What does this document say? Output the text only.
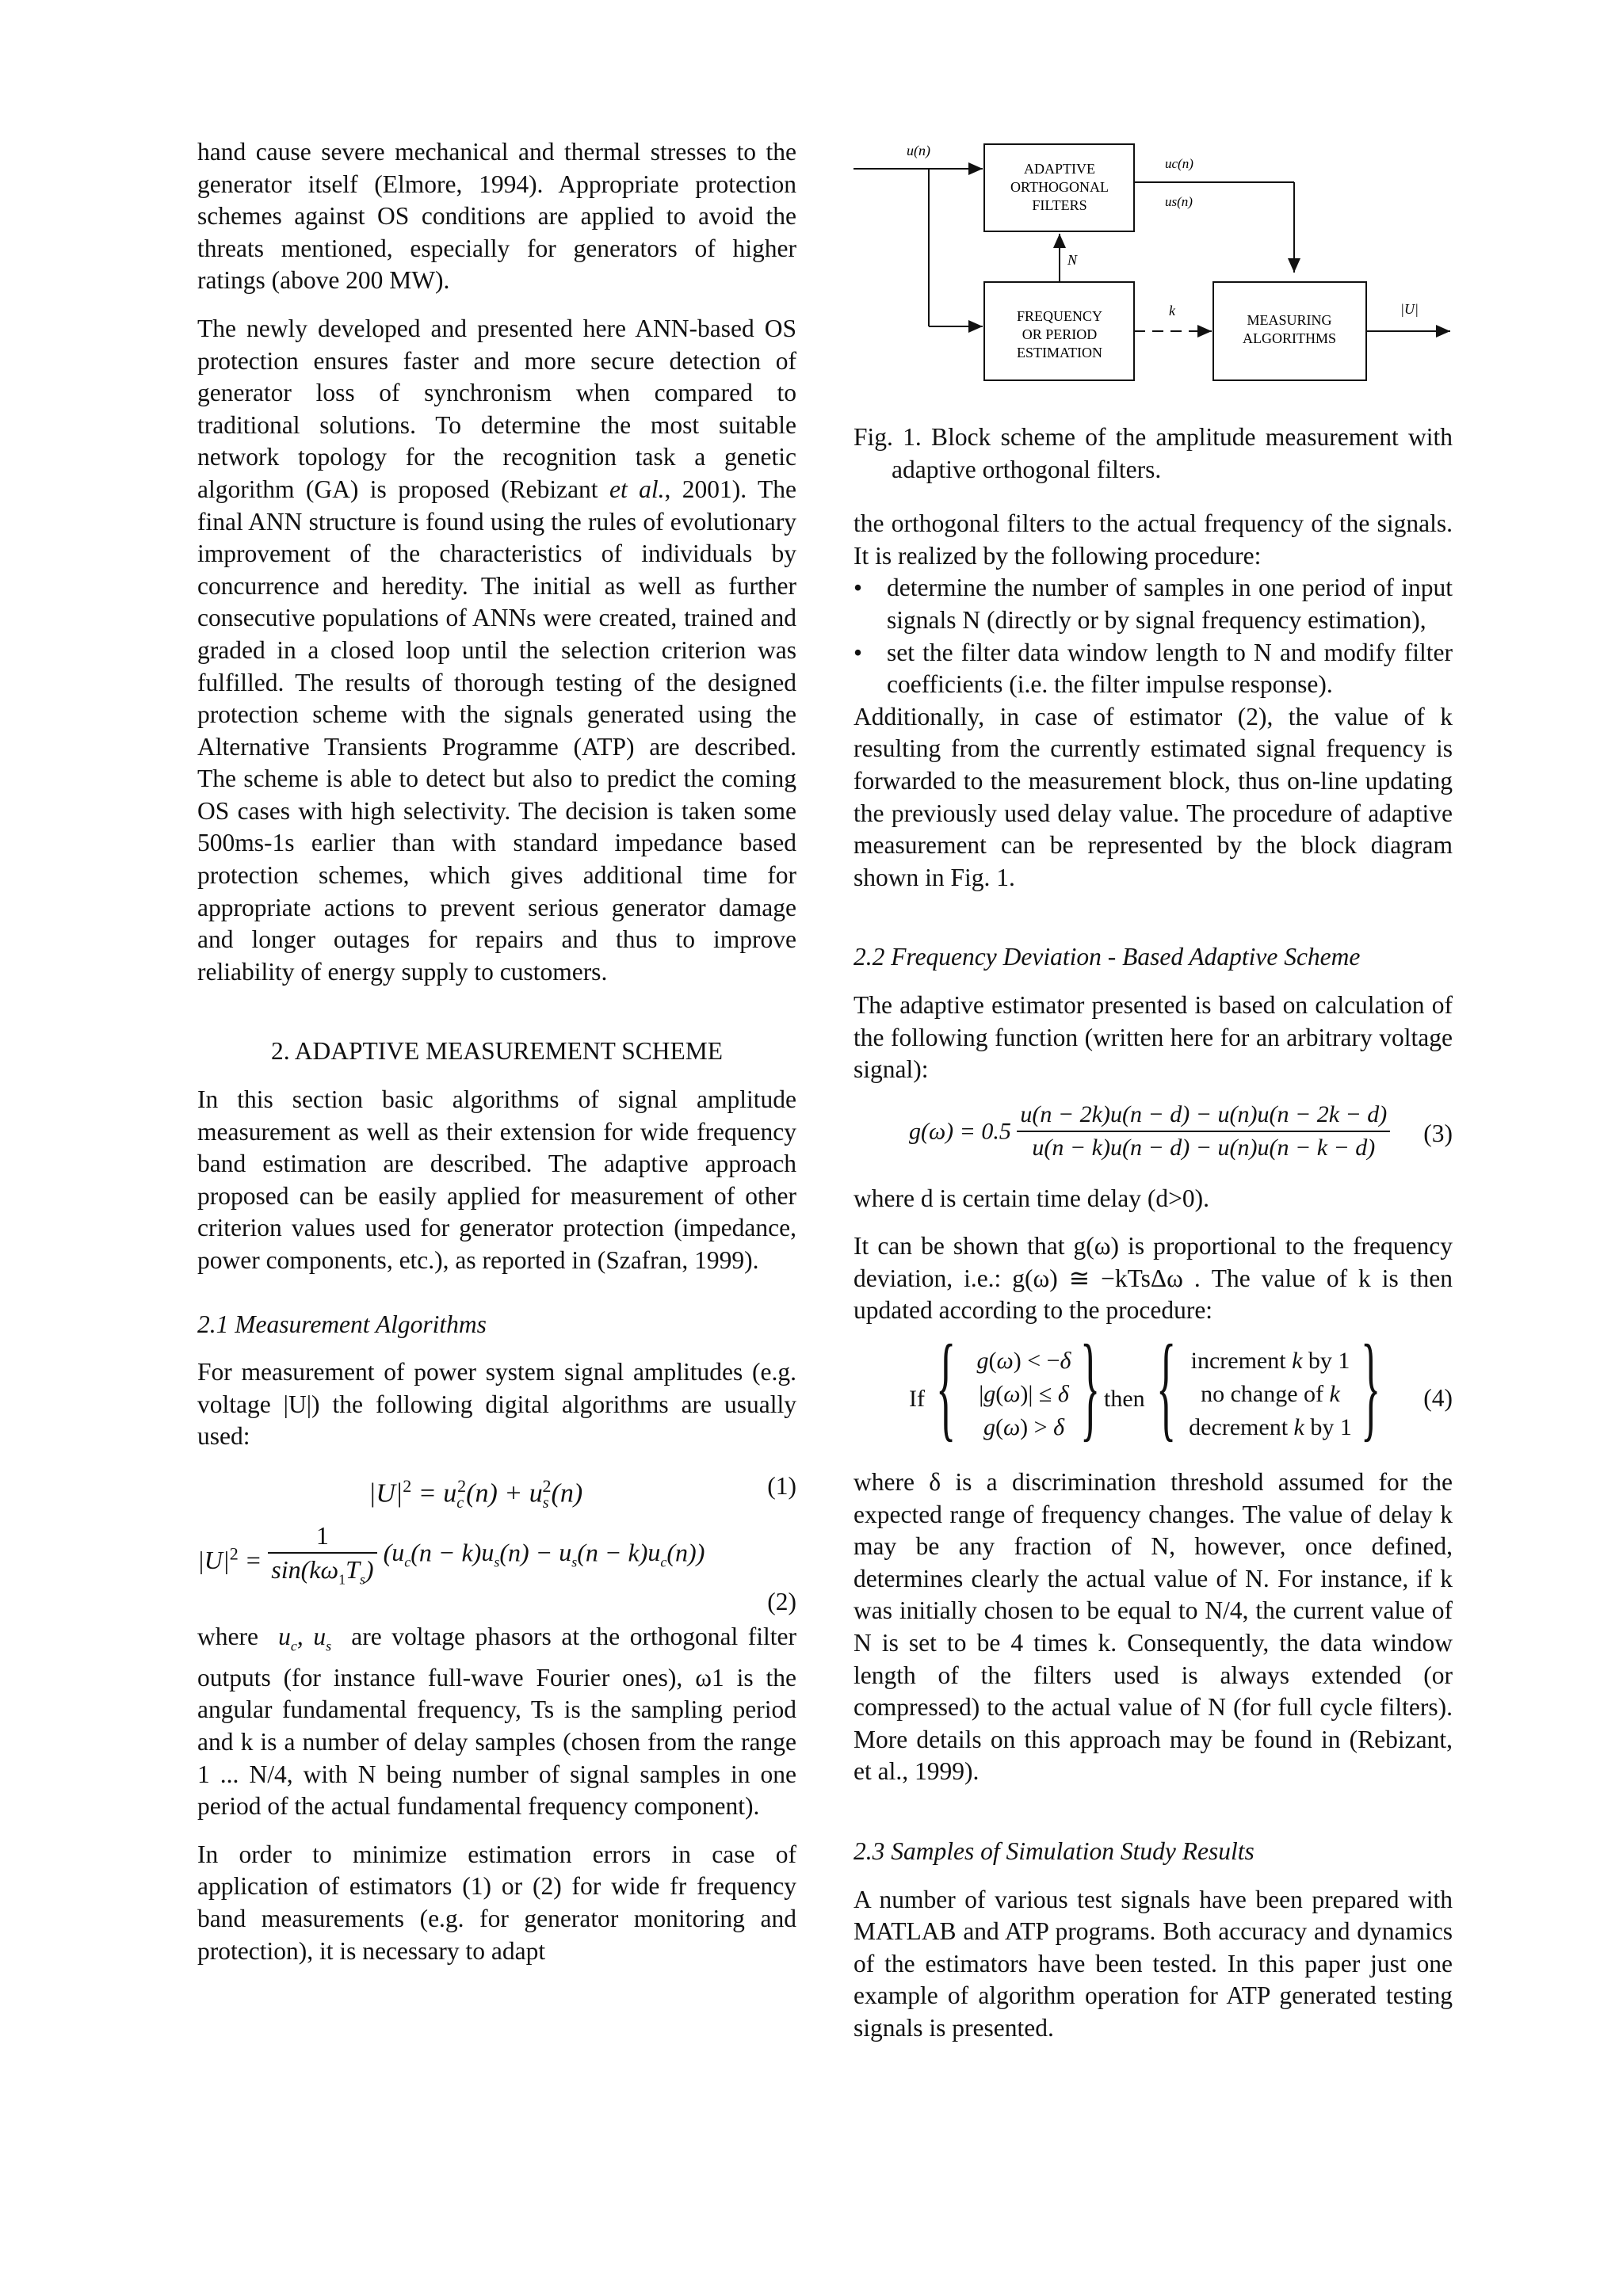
hand cause severe mechanical and thermal stresses to the generator itself (Elmore, 1994). Appropriate protection schemes against OS conditions are applied to avoid the threats mentioned, especially for generators of higher ratings (above 200 MW).

The newly developed and presented here ANN-based OS protection ensures faster and more secure detection of generator loss of synchronism when compared to traditional solutions. To determine the most suitable network topology for the recognition task a genetic algorithm (GA) is proposed (Rebizant et al., 2001). The final ANN structure is found using the rules of evolutionary improvement of the characteristics of individuals by concurrence and heredity. The initial as well as further consecutive populations of ANNs were created, trained and graded in a closed loop until the selection criterion was fulfilled. The results of thorough testing of the designed protection scheme with the signals generated using the Alternative Transients Programme (ATP) are described. The scheme is able to detect but also to predict the coming OS cases with high selectivity. The decision is taken some 500ms-1s earlier than with standard impedance based protection schemes, which gives additional time for appropriate actions to prevent serious generator damage and longer outages for repairs and thus to improve reliability of energy supply to customers.

2. ADAPTIVE MEASUREMENT SCHEME

In this section basic algorithms of signal amplitude measurement as well as their extension for wide frequency band estimation are described. The adaptive approach proposed can be easily applied for measurement of other criterion values used for generator protection (impedance, power components, etc.), as reported in (Szafran, 1999).

2.1 Measurement Algorithms

For measurement of power system signal amplitudes (e.g. voltage |U|) the following digital algorithms are usually used:

$|U|^2 = u_c^2(n) + u_s^2(n)$	(1)
$|U|^2 = \frac{1}{\sin(k\omega_1T_s)} (u_c(n - k)u_s(n) - u_s(n - k)u_c(n))$
(2)

where $u_c$, $u_s$ are voltage phasors at the orthogonal filter outputs (for instance full-wave Fourier ones), ω1 is the angular fundamental frequency, Ts is the sampling period and k is a number of delay samples (chosen from the range 1 ... N/4, with N being number of signal samples in one period of the actual fundamental frequency component).

In order to minimize estimation errors in case of application of estimators (1) or (2) for wide fr frequency band measurements (e.g. for generator monitoring and protection), it is necessary to adapt

u(n)
ADAPTIVE
ORTHOGONAL
FILTERS
uc(n)
us(n)
N
FREQUENCY
OR PERIOD
ESTIMATION
k
MEASURING
ALGORITHMS
|U|

Fig. 1. Block scheme of the amplitude measurement with adaptive orthogonal filters.

the orthogonal filters to the actual frequency of the signals. It is realized by the following procedure:

• determine the number of samples in one period of input signals N (directly or by signal frequency estimation),

• set the filter data window length to N and modify filter coefficients (i.e. the filter impulse response).

Additionally, in case of estimator (2), the value of k resulting from the currently estimated signal frequency is forwarded to the measurement block, thus on-line updating the previously used delay value. The procedure of adaptive measurement can be represented by the block diagram shown in Fig. 1.

2.2 Frequency Deviation - Based Adaptive Scheme

The adaptive estimator presented is based on calculation of the following function (written here for an arbitrary voltage signal):

$g(\omega) = 0.5 \frac{u(n - 2k)u(n - d) - u(n)u(n - 2k - d)}{u(n - k)u(n - d) - u(n)u(n - k - d)} (3)$

where d is certain time delay (d>0).

It can be shown that g(ω) is proportional to the frequency deviation, i.e.: g(ω) ≅ −kTsΔω . The value of k is then updated according to the procedure:

If { g(ω) < −δ
|g(ω)| ≤ δ
g(ω) > δ } then { increment k by 1
no change of k
decrement k by 1 } (4)

where δ is a discrimination threshold assumed for the expected range of frequency changes. The value of delay k may be any fraction of N, however, once defined, determines clearly the actual value of N. For instance, if k was initially chosen to be equal to N/4, the current value of N is set to be 4 times k. Consequently, the data window length of the filters used is always extended (or compressed) to the actual value of N (for full cycle filters). More details on this approach may be found in (Rebizant, et al., 1999).

2.3 Samples of Simulation Study Results

A number of various test signals have been prepared with MATLAB and ATP programs. Both accuracy and dynamics of the estimators have been tested. In this paper just one example of algorithm operation for ATP generated testing signals is presented.
